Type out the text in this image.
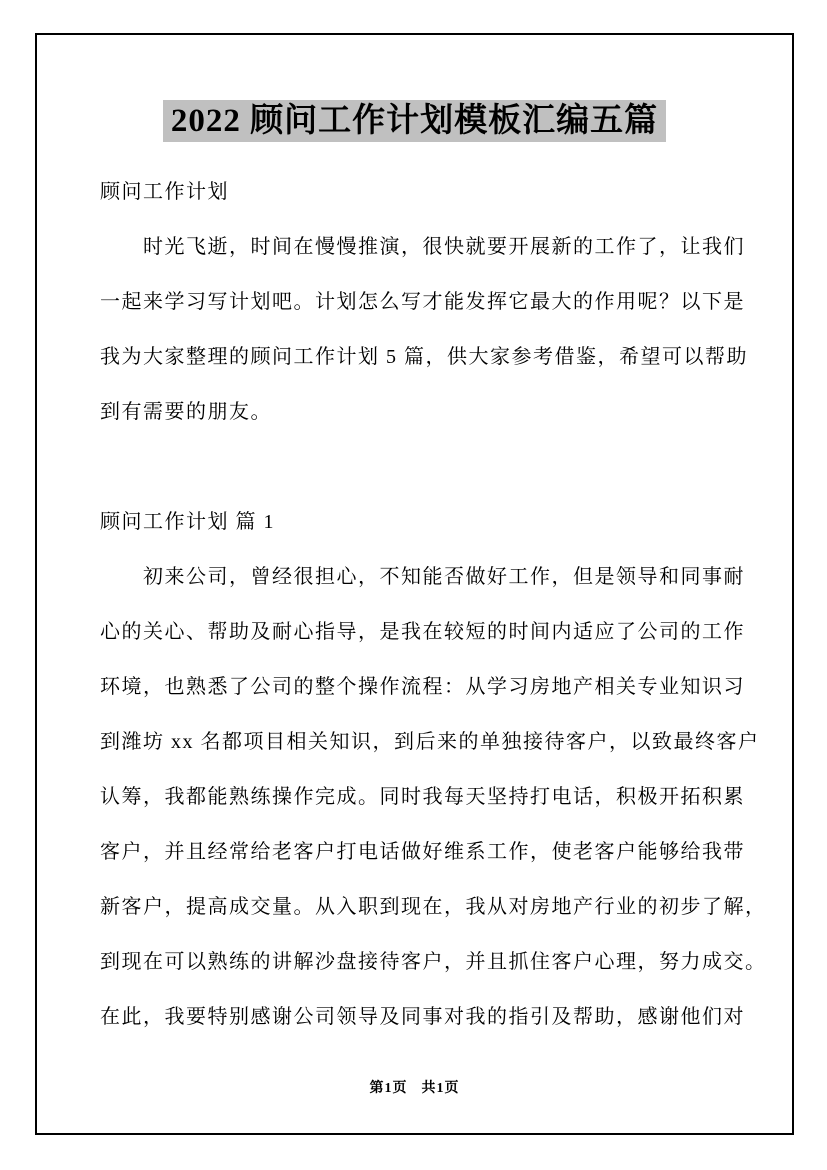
2022 顾问工作计划模板汇编五篇
顾问工作计划
时光飞逝，时间在慢慢推演，很快就要开展新的工作了，让我们
一起来学习写计划吧。计划怎么写才能发挥它最大的作用呢？以下是
我为大家整理的顾问工作计划 5 篇，供大家参考借鉴，希望可以帮助
到有需要的朋友。
顾问工作计划 篇 1
初来公司，曾经很担心，不知能否做好工作，但是领导和同事耐
心的关心、帮助及耐心指导，是我在较短的时间内适应了公司的工作
环境，也熟悉了公司的整个操作流程：从学习房地产相关专业知识习
到潍坊 xx 名都项目相关知识，到后来的单独接待客户，以致最终客户
认筹，我都能熟练操作完成。同时我每天坚持打电话，积极开拓积累
客户，并且经常给老客户打电话做好维系工作，使老客户能够给我带
新客户，提高成交量。从入职到现在，我从对房地产行业的初步了解，
到现在可以熟练的讲解沙盘接待客户，并且抓住客户心理，努力成交。
在此，我要特别感谢公司领导及同事对我的指引及帮助，感谢他们对
第1页 共1页
